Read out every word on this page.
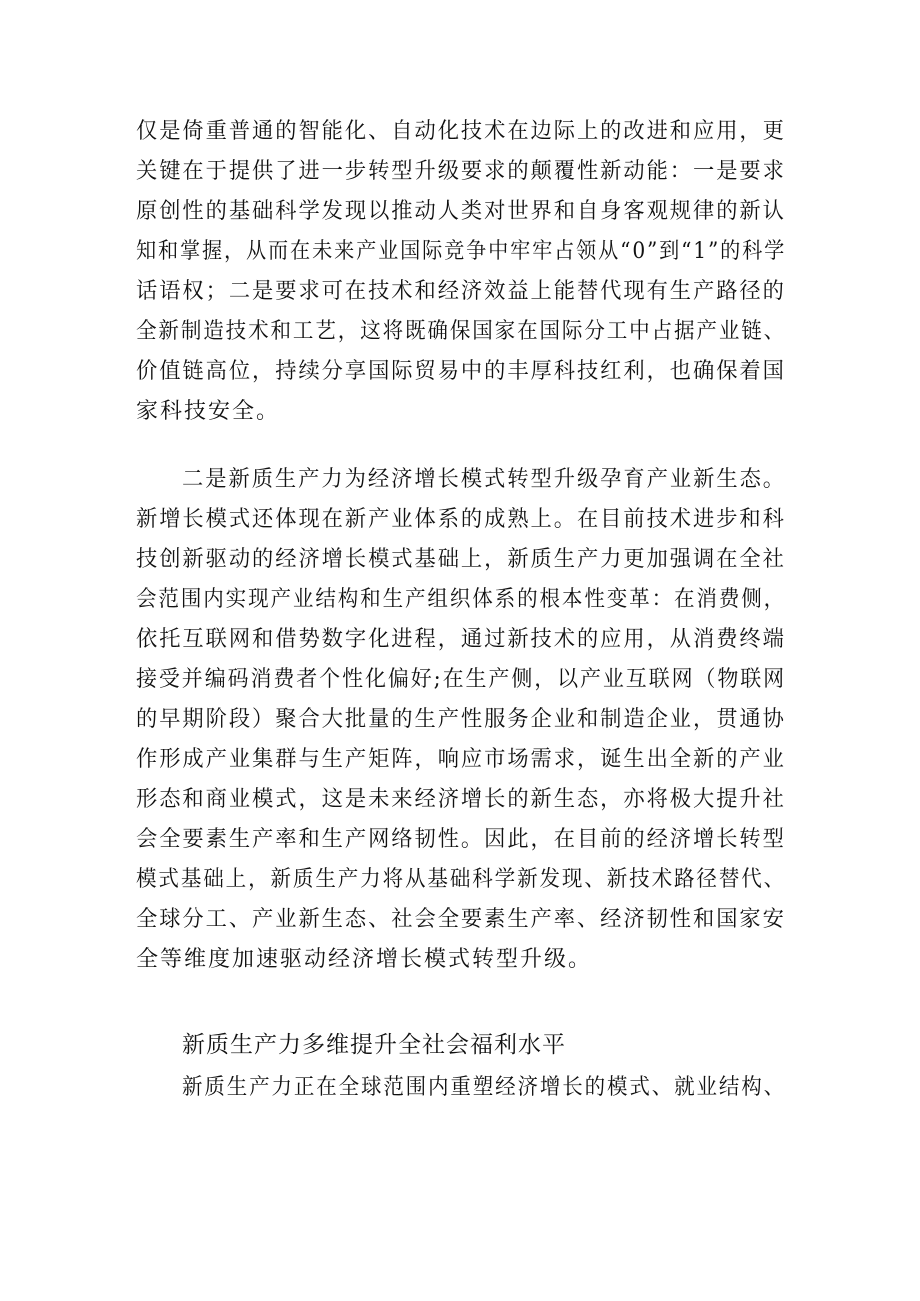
仅是倚重普通的智能化、自动化技术在边际上的改进和应用，更
关键在于提供了进一步转型升级要求的颠覆性新动能：一是要求
原创性的基础科学发现以推动人类对世界和自身客观规律的新认
知和掌握，从而在未来产业国际竞争中牢牢占领从“0”到“1”的科学
话语权；二是要求可在技术和经济效益上能替代现有生产路径的
全新制造技术和工艺，这将既确保国家在国际分工中占据产业链、
价值链高位，持续分享国际贸易中的丰厚科技红利，也确保着国
家科技安全。
二是新质生产力为经济增长模式转型升级孕育产业新生态。
新增长模式还体现在新产业体系的成熟上。在目前技术进步和科
技创新驱动的经济增长模式基础上，新质生产力更加强调在全社
会范围内实现产业结构和生产组织体系的根本性变革：在消费侧，
依托互联网和借势数字化进程，通过新技术的应用，从消费终端
接受并编码消费者个性化偏好;在生产侧，以产业互联网（物联网
的早期阶段）聚合大批量的生产性服务企业和制造企业，贯通协
作形成产业集群与生产矩阵，响应市场需求，诞生出全新的产业
形态和商业模式，这是未来经济增长的新生态，亦将极大提升社
会全要素生产率和生产网络韧性。因此，在目前的经济增长转型
模式基础上，新质生产力将从基础科学新发现、新技术路径替代、
全球分工、产业新生态、社会全要素生产率、经济韧性和国家安
全等维度加速驱动经济增长模式转型升级。
新质生产力多维提升全社会福利水平
新质生产力正在全球范围内重塑经济增长的模式、就业结构、
